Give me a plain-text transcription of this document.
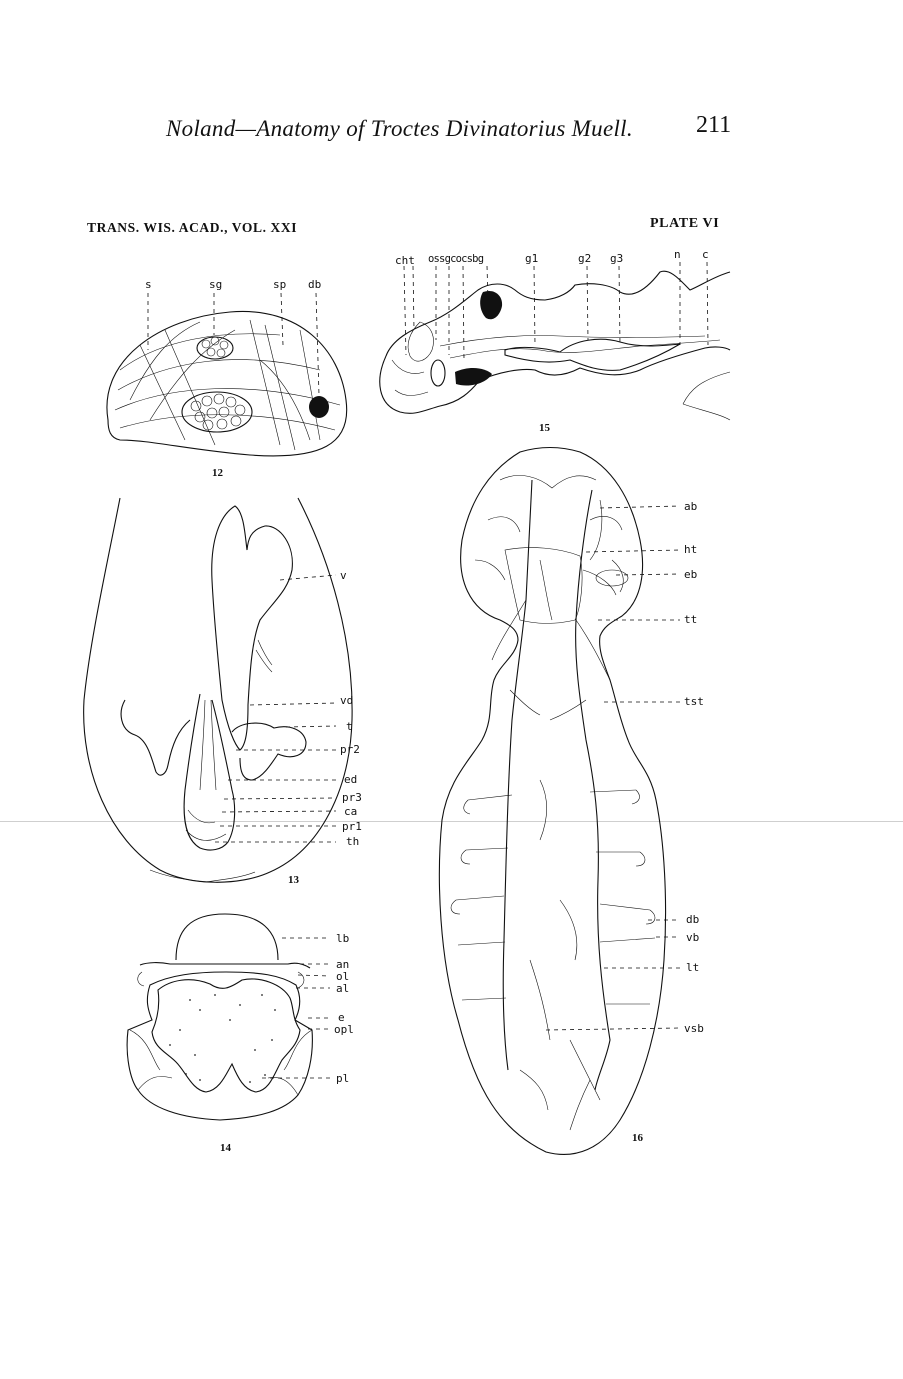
Noland—Anatomy of Troctes Divinatorius Muell.	211
TRANS. WIS. ACAD., VOL. XXI	PLATE VI
s	sg	sp db
12
cht ossgcocsbg	g1	g2 g3	n c
15
v
vd
t
pr2
ed
pr3
ca
pr1
th
13
lb
an
ol
al
e
opl
pl
14
ab
ht
eb
tt
tst
db
vb
lt
vsb
16
